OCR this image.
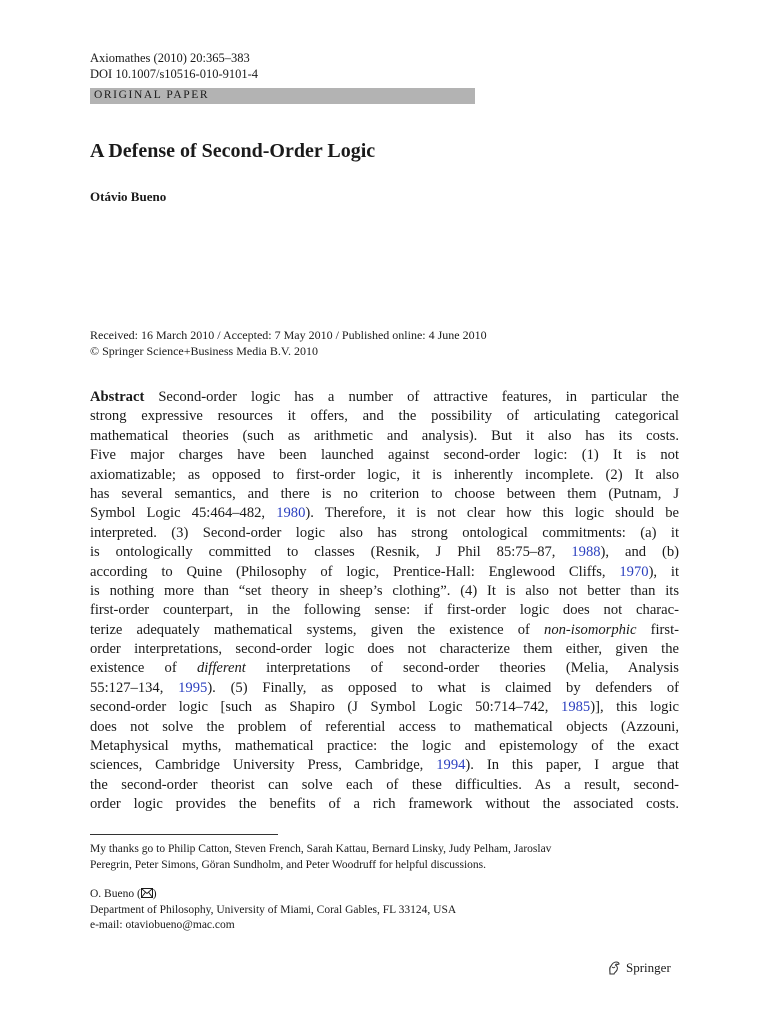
Axiomathes (2010) 20:365–383
DOI 10.1007/s10516-010-9101-4
ORIGINAL PAPER
A Defense of Second-Order Logic
Otávio Bueno
Received: 16 March 2010 / Accepted: 7 May 2010 / Published online: 4 June 2010
© Springer Science+Business Media B.V. 2010
Abstract Second-order logic has a number of attractive features, in particular the
strong expressive resources it offers, and the possibility of articulating categorical
mathematical theories (such as arithmetic and analysis). But it also has its costs.
Five major charges have been launched against second-order logic: (1) It is not
axiomatizable; as opposed to first-order logic, it is inherently incomplete. (2) It also
has several semantics, and there is no criterion to choose between them (Putnam, J
Symbol Logic 45:464–482, 1980). Therefore, it is not clear how this logic should be
interpreted. (3) Second-order logic also has strong ontological commitments: (a) it
is ontologically committed to classes (Resnik, J Phil 85:75–87, 1988), and (b)
according to Quine (Philosophy of logic, Prentice-Hall: Englewood Cliffs, 1970), it
is nothing more than “set theory in sheep’s clothing”. (4) It is also not better than its
first-order counterpart, in the following sense: if first-order logic does not charac-
terize adequately mathematical systems, given the existence of non-isomorphic first-
order interpretations, second-order logic does not characterize them either, given the
existence of different interpretations of second-order theories (Melia, Analysis
55:127–134, 1995). (5) Finally, as opposed to what is claimed by defenders of
second-order logic [such as Shapiro (J Symbol Logic 50:714–742, 1985)], this logic
does not solve the problem of referential access to mathematical objects (Azzouni,
Metaphysical myths, mathematical practice: the logic and epistemology of the exact
sciences, Cambridge University Press, Cambridge, 1994). In this paper, I argue that
the second-order theorist can solve each of these difficulties. As a result, second-
order logic provides the benefits of a rich framework without the associated costs.
My thanks go to Philip Catton, Steven French, Sarah Kattau, Bernard Linsky, Judy Pelham, Jaroslav
Peregrin, Peter Simons, Göran Sundholm, and Peter Woodruff for helpful discussions.
O. Bueno ( )
Department of Philosophy, University of Miami, Coral Gables, FL 33124, USA
e-mail: otaviobueno@mac.com
Springer
